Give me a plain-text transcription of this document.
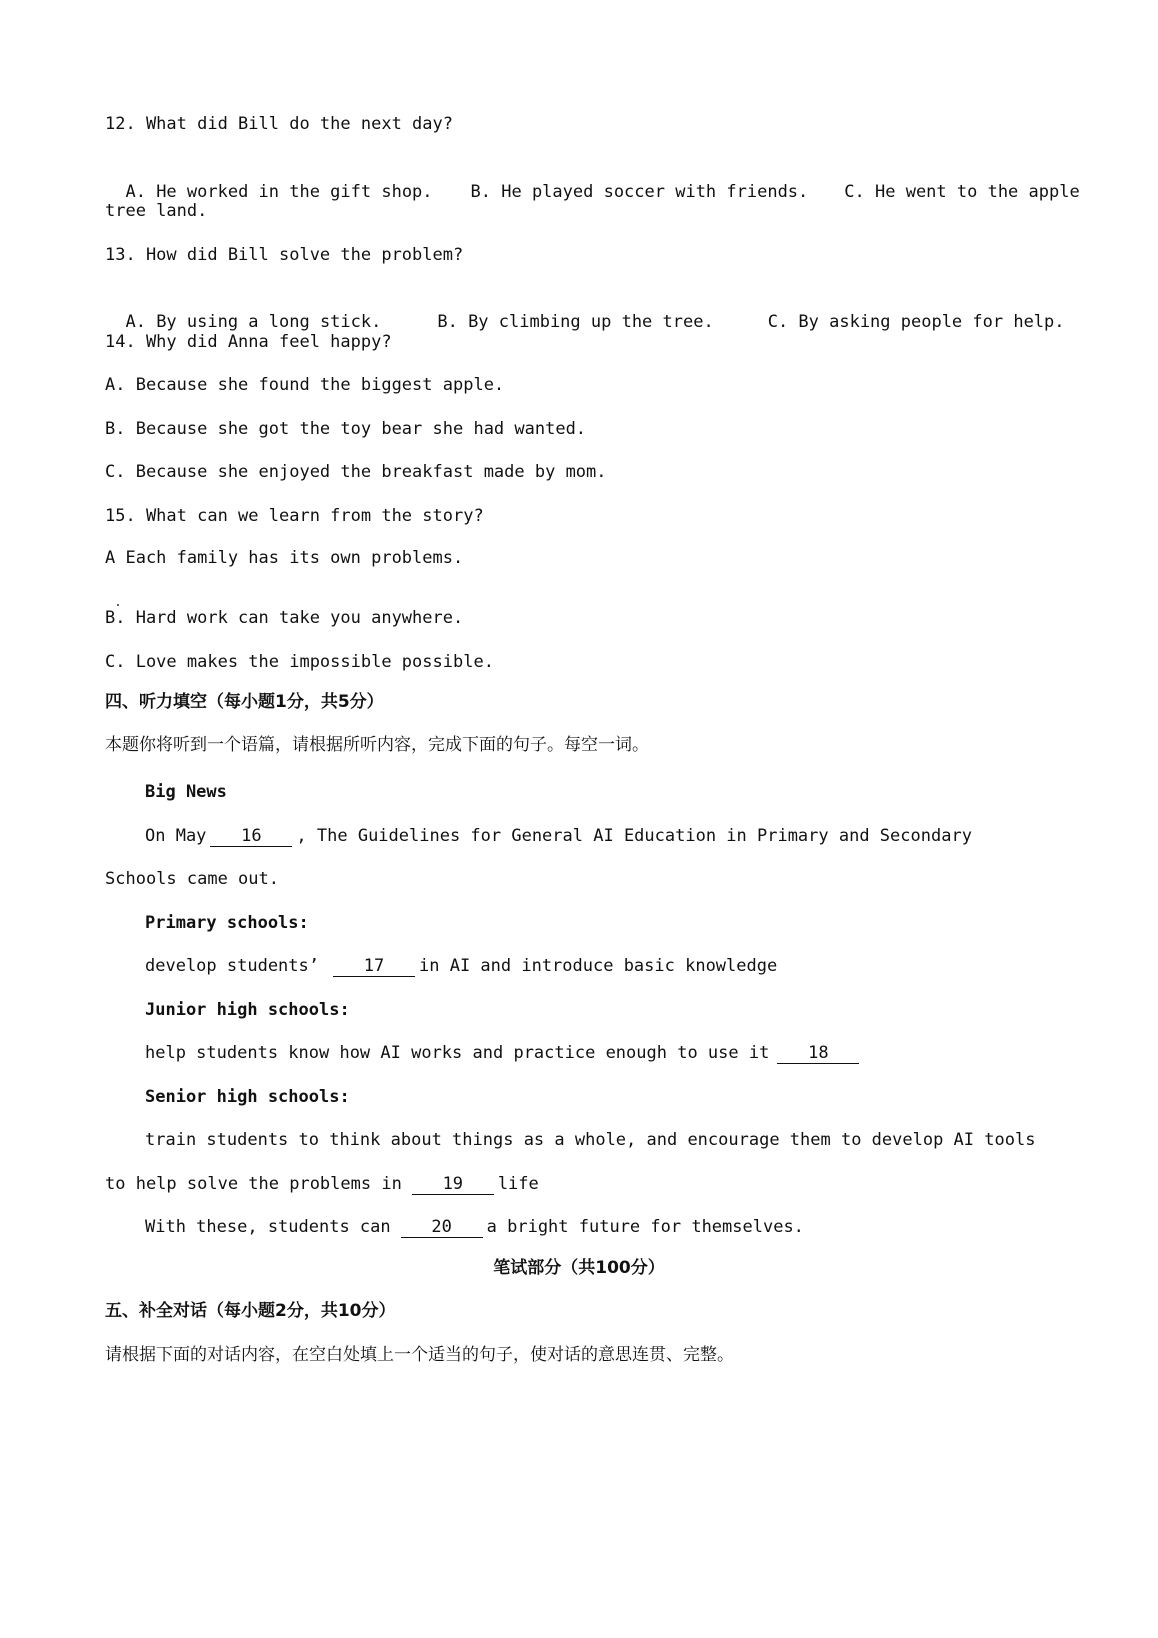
12. What did Bill do the next day?

A. He worked in the gift shop. B. He played soccer with friends. C. He went to the apple

tree land.
13. How did Bill solve the problem?

A. By using a long stick.	B. By climbing up the tree.	C. By asking people for help.

14. Why did Anna feel happy?
A. Because she found the biggest apple.
B. Because she got the toy bear she had wanted.
C. Because she enjoyed the breakfast made by mom.
15. What can we learn from the story?
A Each family has its own problems.
B. Hard work can take you anywhere.
C. Love makes the impossible possible.
四、听力填空（每小题1分，共5分）
本题你将听到一个语篇，请根据所听内容，完成下面的句子。每空一词。
Big News
On May 16 , The Guidelines for General AI Education in Primary and Secondary
Schools came out.
Primary schools:
develop students’	17 in AI and introduce basic knowledge
Junior high schools:
help students know how AI works and practice enough to use it 18
Senior high schools:
train students to think about things as a whole, and encourage them to develop AI tools
to help solve the problems in 19 life
With these, students can 20 a bright future for themselves.
笔试部分（共100分）
五、补全对话（每小题2分，共10分）
请根据下面的对话内容，在空白处填上一个适当的句子，使对话的意思连贯、完整。
